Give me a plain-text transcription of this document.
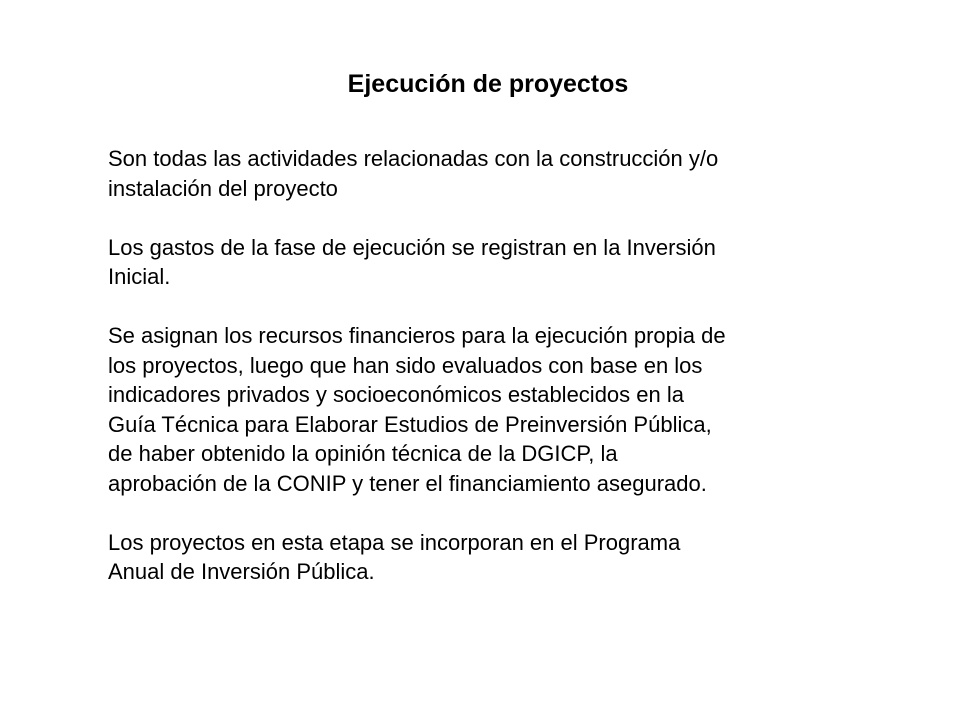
Ejecución de proyectos

Son todas las actividades relacionadas con la construcción y/o
instalación del proyecto

Los gastos de la fase de ejecución se registran en la Inversión
Inicial.

Se asignan los recursos financieros para la ejecución propia de
los proyectos, luego que han sido evaluados con base en los
indicadores privados y socioeconómicos establecidos en la
Guía Técnica para Elaborar Estudios de Preinversión Pública,
de haber obtenido la opinión técnica de la DGICP, la
aprobación de la CONIP y tener el financiamiento asegurado.

Los proyectos en esta etapa se incorporan en el Programa
Anual de Inversión Pública.
